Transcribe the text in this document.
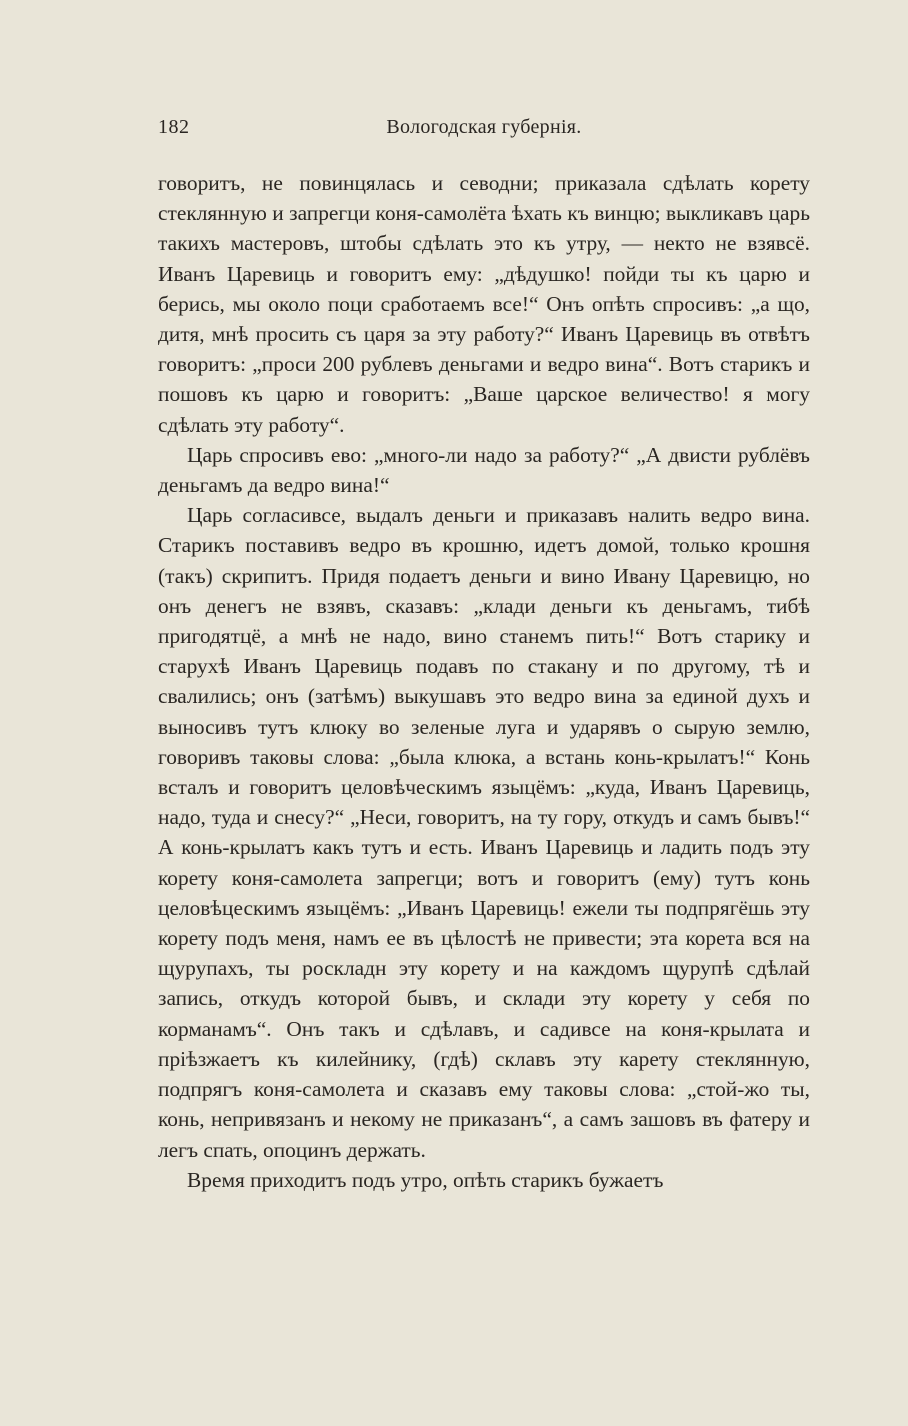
182	Вологодская губернія.

говоритъ, не повинцялась и севодни; приказала сдѣлать корету стеклянную и запрегци коня-самолёта ѣхать къ винцю; выкликавъ царь такихъ мастеровъ, штобы сдѣлать это къ утру, — некто не взявсё. Иванъ Царевиць и говоритъ ему: „дѣдушко! пойди ты къ царю и берись, мы около поци сработаемъ все!“ Онъ опѣть спросивъ: „а що, дитя, мнѣ просить съ царя за эту работу?“ Иванъ Царевиць въ отвѣтъ говоритъ: „проси 200 рублевъ деньгами и ведро вина“. Вотъ старикъ и пошовъ къ царю и говоритъ: „Ваше царское величество! я могу сдѣлать эту работу“.

Царь спросивъ ево: „много-ли надо за работу?“ „А двисти рублёвъ деньгамъ да ведро вина!“

Царь согласивсе, выдалъ деньги и приказавъ налить ведро вина. Старикъ поставивъ ведро въ крошню, идетъ домой, только крошня (такъ) скрипитъ. Придя подаетъ деньги и вино Ивану Царевицю, но онъ денегъ не взявъ, сказавъ: „клади деньги къ деньгамъ, тибѣ пригодятцё, а мнѣ не надо, вино станемъ пить!“ Вотъ старику и старухѣ Иванъ Царевиць подавъ по стакану и по другому, тѣ и свалились; онъ (затѣмъ) выкушавъ это ведро вина за единой духъ и выносивъ тутъ клюку во зеленые луга и ударявъ о сырую землю, говоривъ таковы слова: „была клюка, а встань конь-крылатъ!“ Конь всталъ и говоритъ целовѣческимъ языцёмъ: „куда, Иванъ Царевиць, надо, туда и снесу?“ „Неси, говоритъ, на ту гору, откудъ и самъ бывъ!“ А конь-крылатъ какъ тутъ и есть. Иванъ Царевиць и ладить подъ эту корету коня-самолета запрегци; вотъ и говоритъ (ему) тутъ конь целовѣцескимъ языцёмъ: „Иванъ Царевиць! ежели ты подпрягёшь эту корету подъ меня, намъ ее въ цѣлостѣ не привести; эта корета вся на щурупахъ, ты роскладн эту корету и на каждомъ щурупѣ сдѣлай запись, откудъ которой бывъ, и склади эту корету у себя по корманамъ“. Онъ такъ и сдѣлавъ, и садивсе на коня-крылата и пріѣзжаетъ къ килейнику, (гдѣ) склавъ эту карету стеклянную, подпрягъ коня-самолета и сказавъ ему таковы слова: „стой-жо ты, конь, непривязанъ и некому не приказанъ“, а самъ зашовъ въ фатеру и легъ спать, опоцинъ держать.

Время приходитъ подъ утро, опѣть старикъ бужаетъ
